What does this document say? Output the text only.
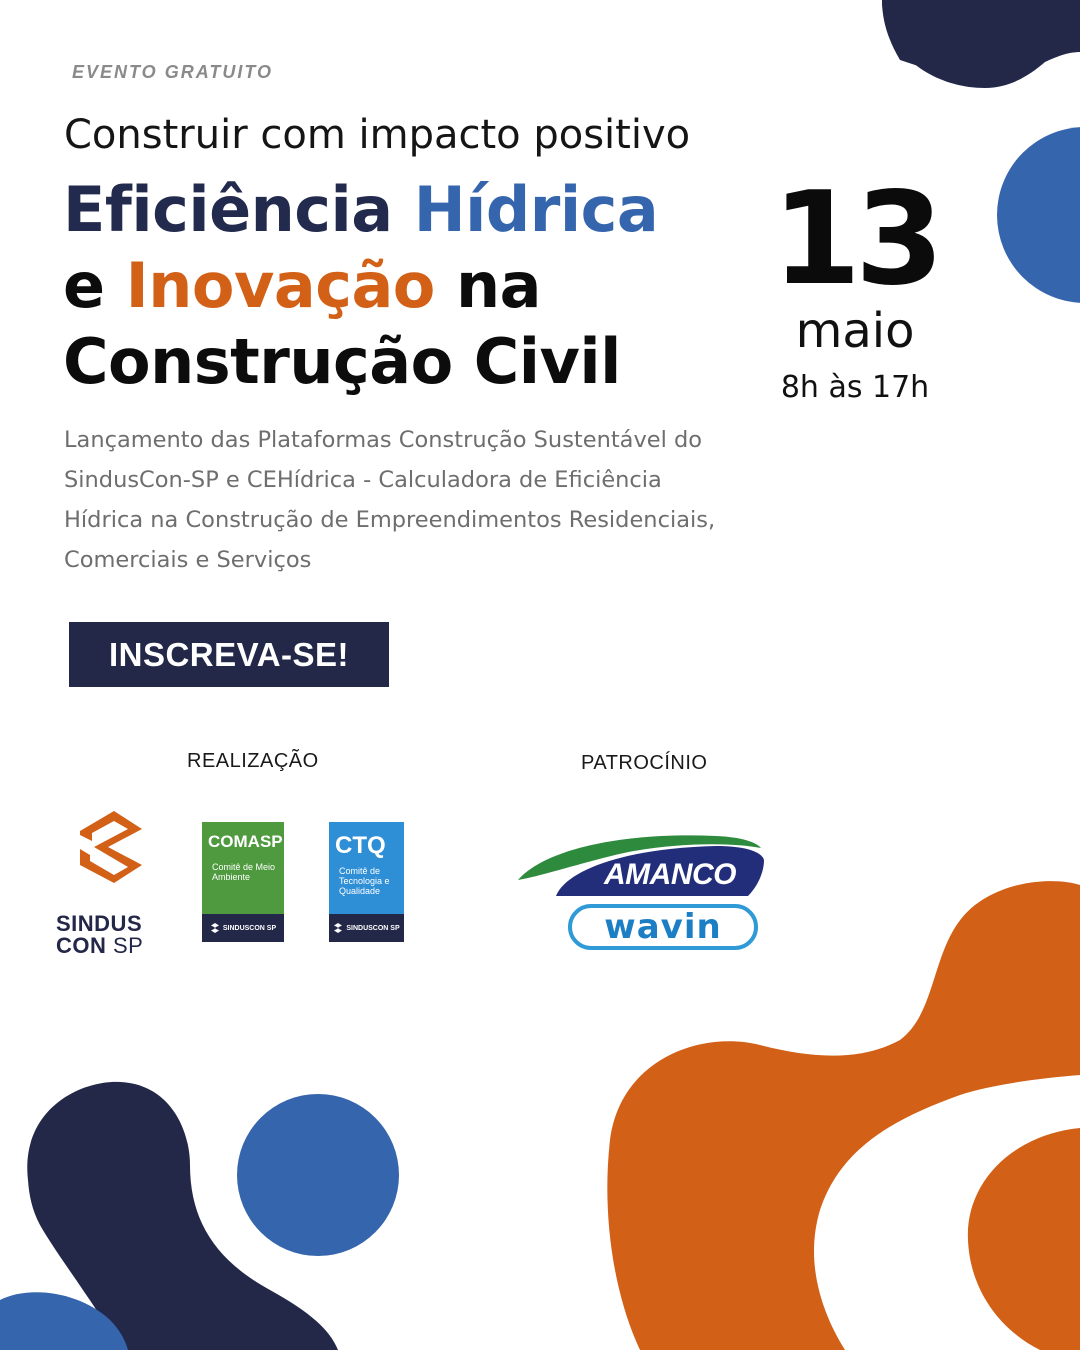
EVENTO GRATUITO
Construir com impacto positivo
Eficiência Hídrica
e Inovação na
Construção Civil
13
maio
8h às 17h

Lançamento das Plataformas Construção Sustentável do SindusCon-SP e CEHídrica - Calculadora de Eficiência Hídrica na Construção de Empreendimentos Residenciais, Comerciais e Serviços

INSCREVA-SE!
REALIZAÇÃO	PATROCÍNIO
SINDUS
CON SP
COMASP
Comitê de Meio Ambiente
SINDUSCON SP
CTQ
Comitê de Tecnologia e Qualidade
SINDUSCON SP
AMANCO
wavin
